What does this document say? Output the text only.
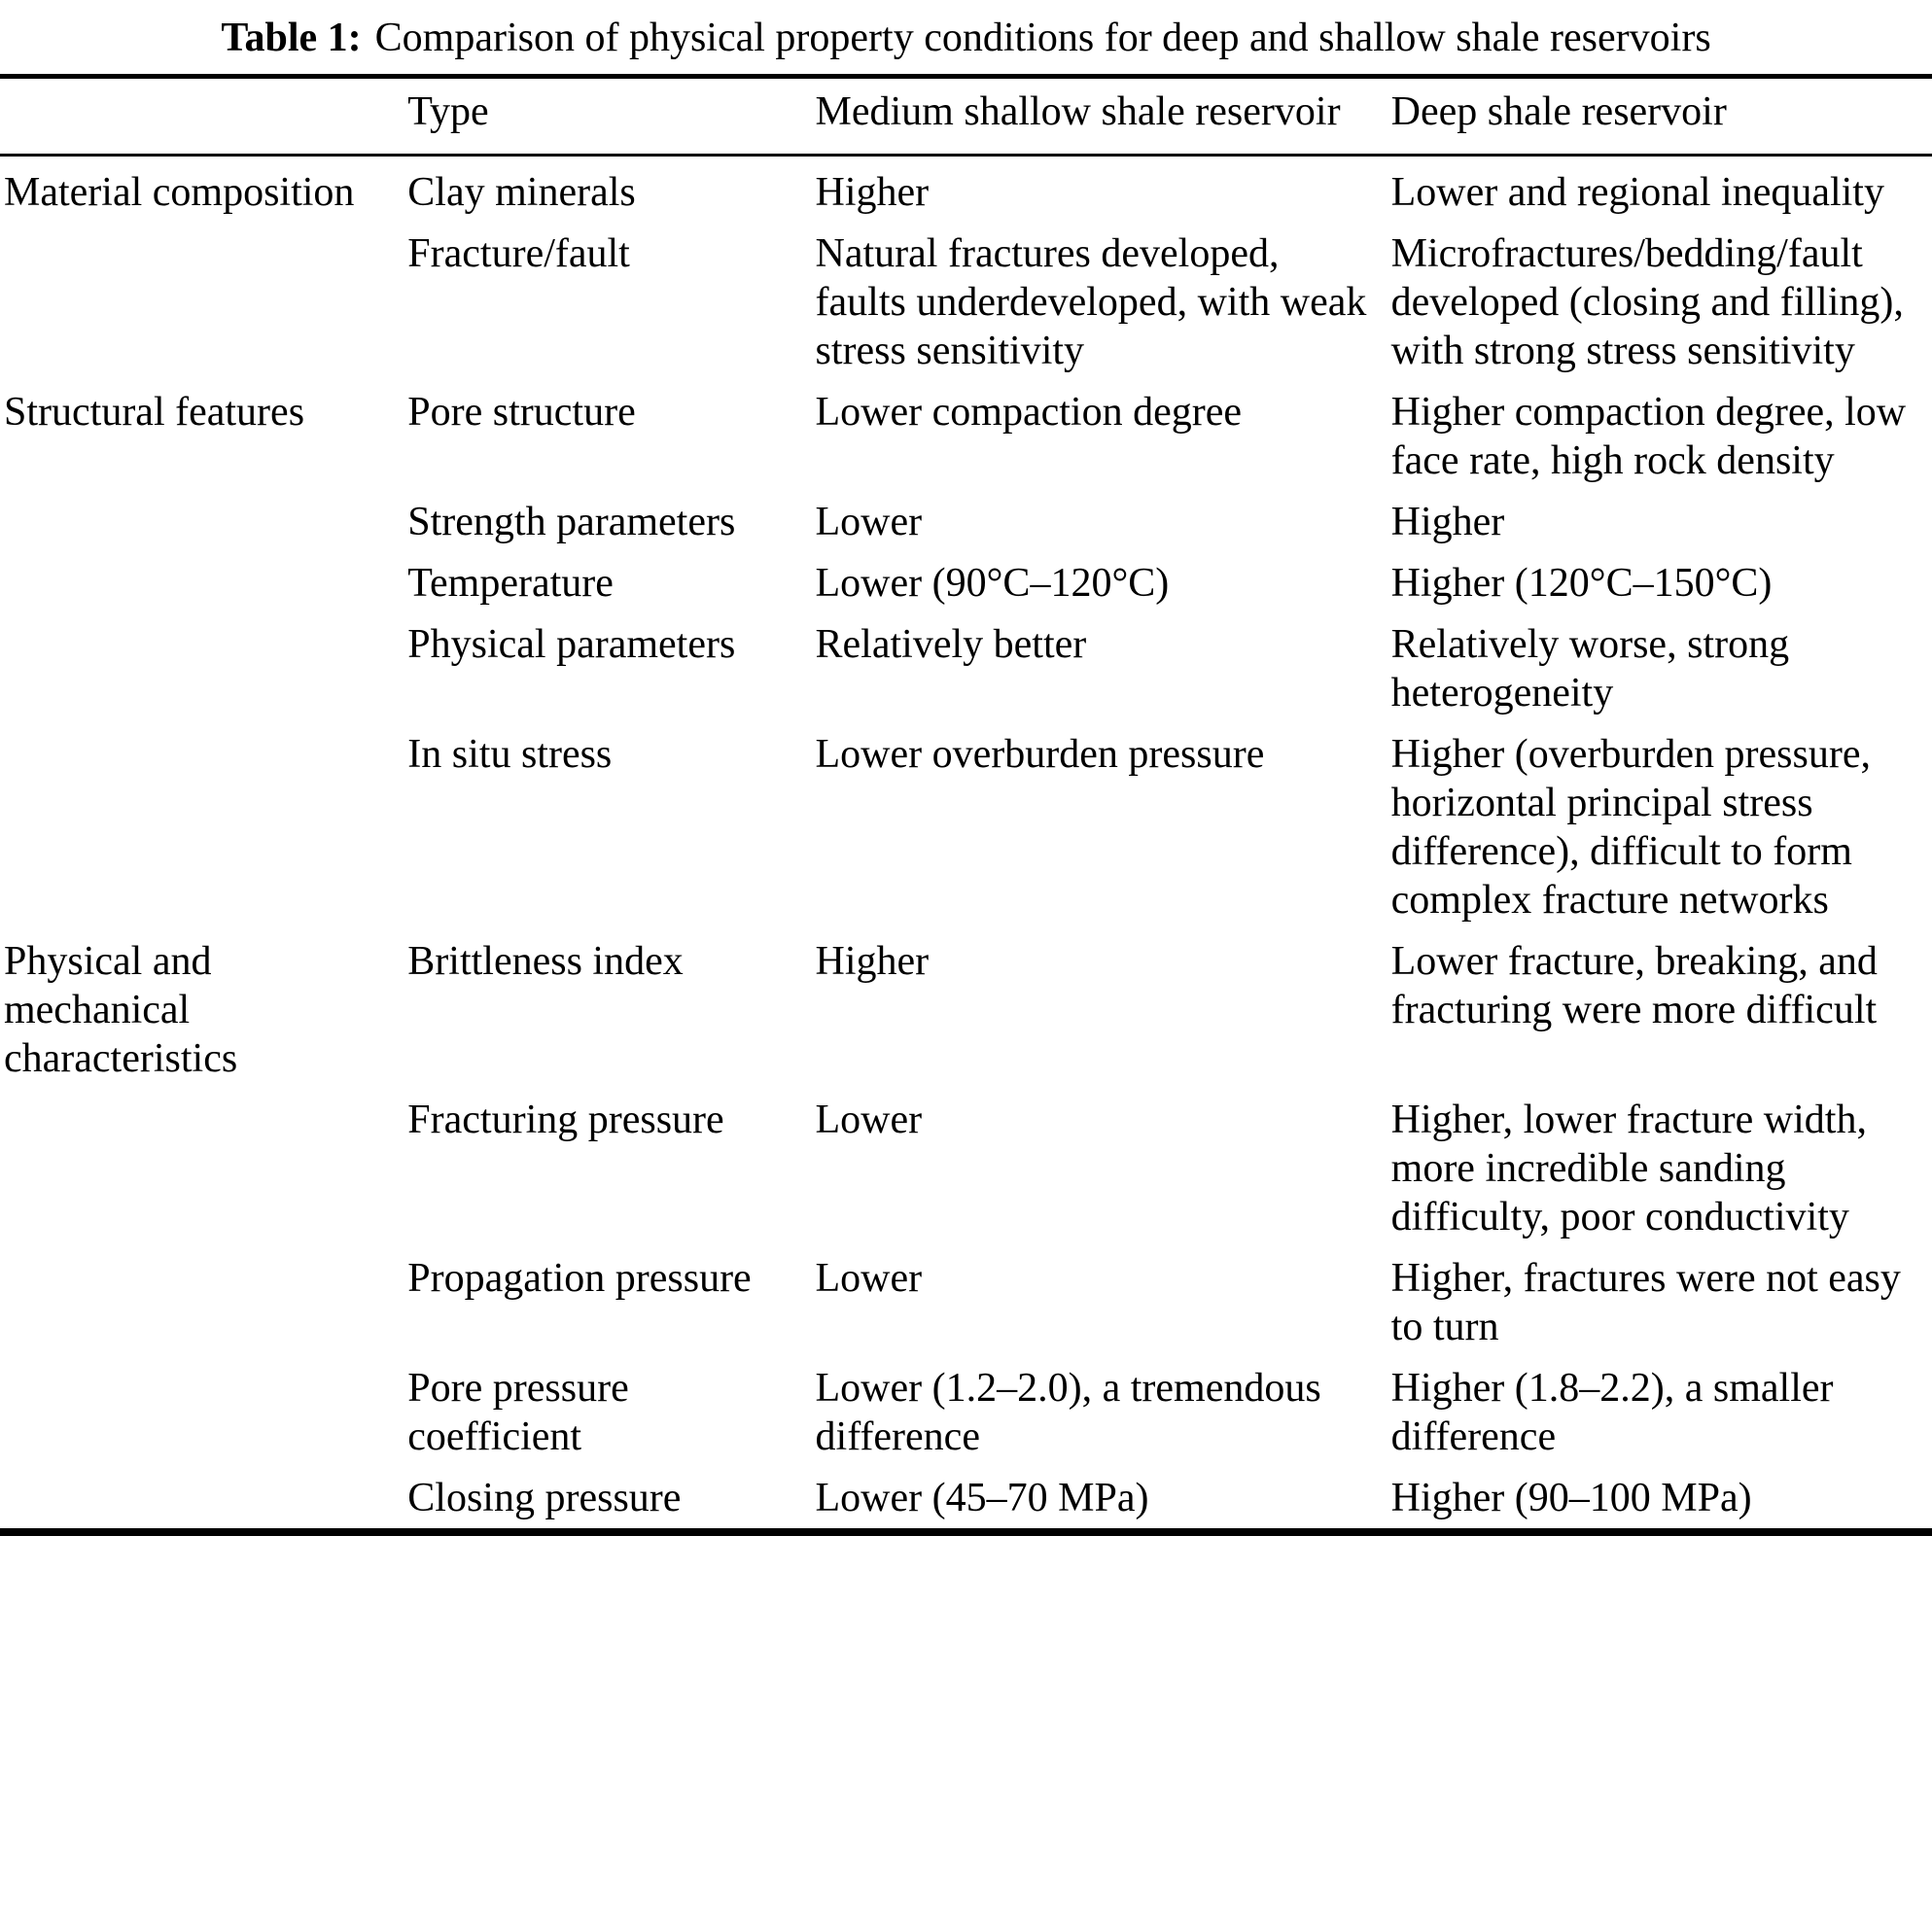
Table 1: Comparison of physical property conditions for deep and shallow shale reservoirs
	Type	Medium shallow shale reservoir	Deep shale reservoir
Material composition	Clay minerals	Higher	Lower and regional inequality
	Fracture/fault	Natural fractures developed, faults underdeveloped, with weak stress sensitivity	Microfractures/bedding/fault developed (closing and filling), with strong stress sensitivity
Structural features	Pore structure	Lower compaction degree	Higher compaction degree, low face rate, high rock density
	Strength parameters	Lower	Higher
	Temperature	Lower (90°C–120°C)	Higher (120°C–150°C)
	Physical parameters	Relatively better	Relatively worse, strong heterogeneity
	In situ stress	Lower overburden pressure	Higher (overburden pressure, horizontal principal stress difference), difficult to form complex fracture networks
Physical and mechanical characteristics	Brittleness index	Higher	Lower fracture, breaking, and fracturing were more difficult
	Fracturing pressure	Lower	Higher, lower fracture width, more incredible sanding difficulty, poor conductivity
	Propagation pressure	Lower	Higher, fractures were not easy to turn
	Pore pressure coefficient	Lower (1.2–2.0), a tremendous difference	Higher (1.8–2.2), a smaller difference
	Closing pressure	Lower (45–70 MPa)	Higher (90–100 MPa)
